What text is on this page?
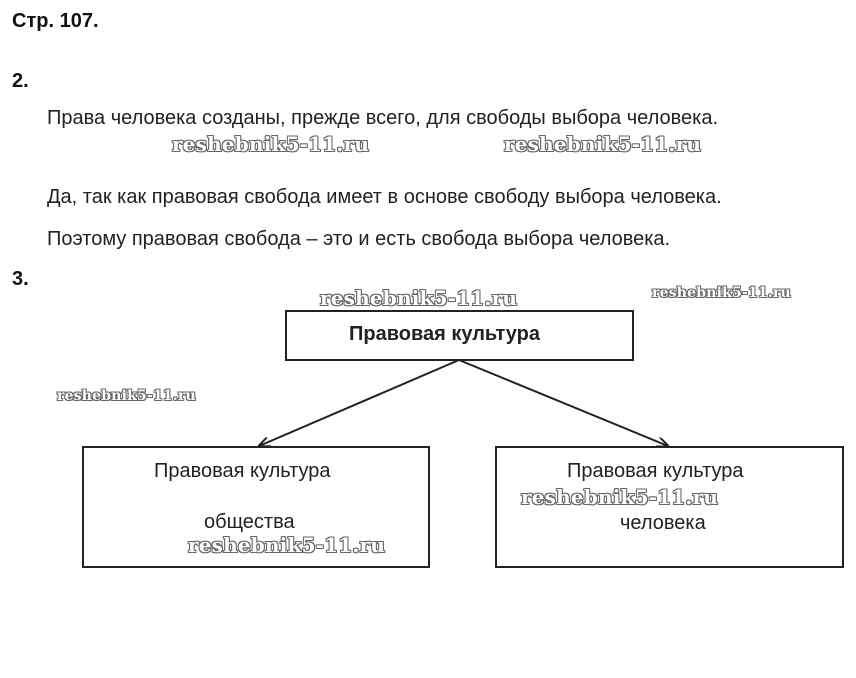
Стр. 107.
2.
Права человека созданы, прежде всего, для свободы выбора человека.
reshebnik5-11.ru	reshebnik5-11.ru
Да, так как правовая свобода имеет в основе свободу выбора человека.
Поэтому правовая свобода – это и есть свобода выбора человека.
3.
reshebnik5-11.ru	reshebnik5-11.ru
Правовая культура
reshebnik5-11.ru
Правовая культура
общества
reshebnik5-11.ru
Правовая культура
reshebnik5-11.ru
человека
